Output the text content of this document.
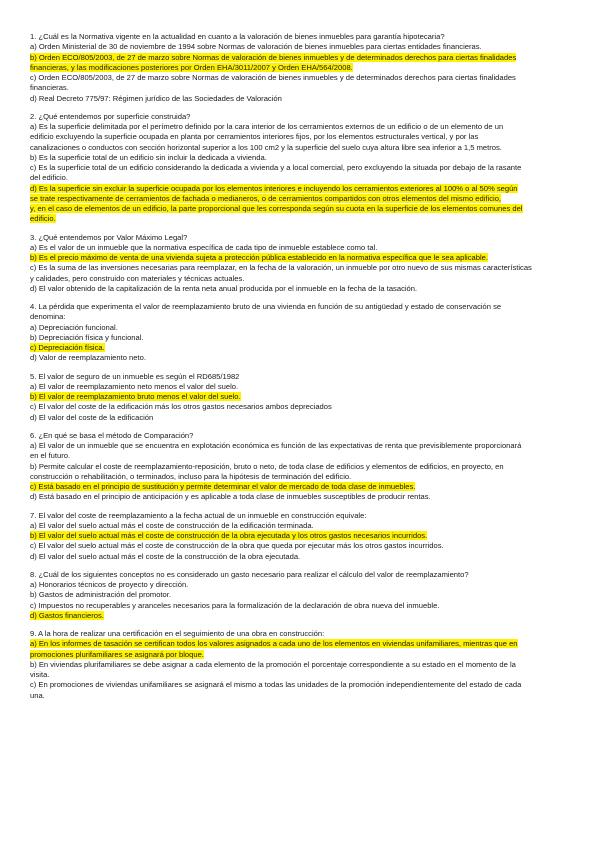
1. ¿Cuál es la Normativa vigente en la actualidad en cuanto a la valoración de bienes inmuebles para garantía hipotecaria?
a) Orden Ministerial de 30 de noviembre de 1994 sobre Normas de valoración de bienes inmuebles para ciertas entidades financieras.
b) Orden ECO/805/2003, de 27 de marzo sobre Normas de valoración de bienes inmuebles y de determinados derechos para ciertas finalidades
financieras, y las modificaciones posteriores por Orden EHA/3011/2007 y Orden EHA/564/2008.
c) Orden ECO/805/2003, de 27 de marzo sobre Normas de valoración de bienes inmuebles y de determinados derechos para ciertas finalidades
financieras.
d) Real Decreto 775/97: Régimen jurídico de las Sociedades de Valoración
2. ¿Qué entendemos por superficie construida?
a) Es la superficie delimitada por el perímetro definido por la cara interior de los cerramientos externos de un edificio o de un elemento de un
edificio excluyendo la superficie ocupada en planta por cerramientos interiores fijos, por los elementos estructurales vertical, y por las
canalizaciones o conductos con sección horizontal superior a los 100 cm2 y la superficie del suelo cuya altura libre sea inferior a 1,5 metros.
b) Es la superficie total de un edificio sin incluir la dedicada a vivienda.
c) Es la superficie total de un edificio considerando la dedicada a vivienda y a local comercial, pero excluyendo la situada por debajo de la rasante
del edificio.
d) Es la superficie sin excluir la superficie ocupada por los elementos interiores e incluyendo los cerramientos exteriores al 100% o al 50% según
se trate respectivamente de cerramientos de fachada o medianeros, o de cerramientos compartidos con otros elementos del mismo edificio,
y, en el caso de elementos de un edificio, la parte proporcional que les corresponda según su cuota en la superficie de los elementos comunes del
edificio.
3. ¿Qué entendemos por Valor Máximo Legal?
a) Es el valor de un inmueble que la normativa específica de cada tipo de inmueble establece como tal.
b) Es el precio máximo de venta de una vivienda sujeta a protección pública establecido en la normativa específica que le sea aplicable.
c) Es la suma de las inversiones necesarias para reemplazar, en la fecha de la valoración, un inmueble por otro nuevo de sus mismas características
y calidades, pero construido con materiales y técnicas actuales.
d) El valor obtenido de la capitalización de la renta neta anual producida por el inmueble en la fecha de la tasación.
4. La pérdida que experimenta el valor de reemplazamiento bruto de una vivienda en función de su antigüedad y estado de conservación se
denomina:
a) Depreciación funcional.
b) Depreciación física y funcional.
c) Depreciación física.
d) Valor de reemplazamiento neto.
5. El valor de seguro de un inmueble es según el RD685/1982
a) El valor de reemplazamiento neto menos el valor del suelo.
b) El valor de reemplazamiento bruto menos el valor del suelo.
c) El valor del coste de la edificación más los otros gastos necesarios ambos depreciados
d) El valor del coste de la edificación
6. ¿En qué se basa el método de Comparación?
a) El valor de un inmueble que se encuentra en explotación económica es función de las expectativas de renta que previsiblemente proporcionará
en el futuro.
b) Permite calcular el coste de reemplazamiento-reposición, bruto o neto, de toda clase de edificios y elementos de edificios, en proyecto, en
construcción o rehabilitación, o terminados, incluso para la hipótesis de terminación del edificio.
c) Está basado en el principio de sustitución y permite determinar el valor de mercado de toda clase de inmuebles.
d) Está basado en el principio de anticipación y es aplicable a toda clase de inmuebles susceptibles de producir rentas.
7. El valor del coste de reemplazamiento a la fecha actual de un inmueble en construcción equivale:
a) El valor del suelo actual más el coste de construcción de la edificación terminada.
b) El valor del suelo actual más el coste de construcción de la obra ejecutada y los otros gastos necesarios incurridos.
c) El valor del suelo actual más el coste de construcción de la obra que queda por ejecutar más los otros gastos incurridos.
d) El valor del suelo actual más el coste de la construcción de la obra ejecutada.
8. ¿Cuál de los siguientes conceptos no es considerado un gasto necesario para realizar el cálculo del valor de reemplazamiento?
a) Honorarios técnicos de proyecto y dirección.
b) Gastos de administración del promotor.
c) Impuestos no recuperables y aranceles necesarios para la formalización de la declaración de obra nueva del inmueble.
d) Gastos financieros.
9. A la hora de realizar una certificación en el seguimiento de una obra en construcción:
a) En los informes de tasación se certifican todos los valores asignados a cada uno de los elementos en viviendas unifamiliares, mientras que en
promociones plurifamiliares se asignará por bloque.
b) En viviendas plurifamiliares se debe asignar a cada elemento de la promoción el porcentaje correspondiente a su estado en el momento de la
visita.
c) En promociones de viviendas unifamiliares se asignará el mismo a todas las unidades de la promoción independientemente del estado de cada
una.
